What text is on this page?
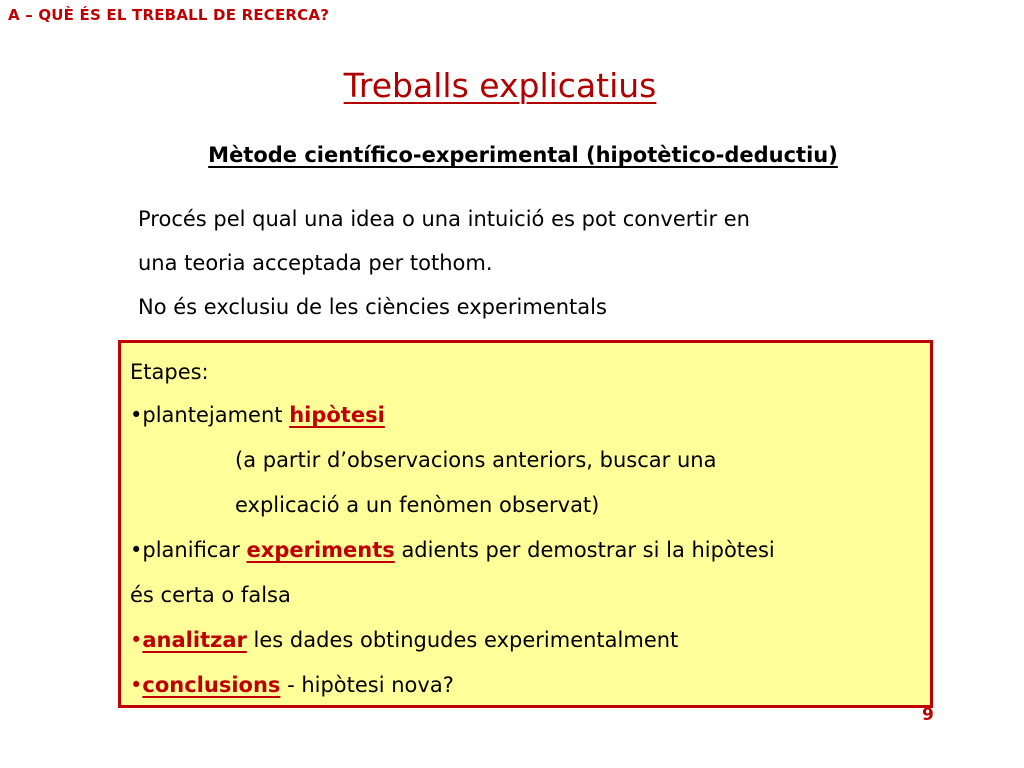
A – QUÈ ÉS EL TREBALL DE RECERCA?
Treballs explicatius
Mètode científico-experimental (hipotètico-deductiu)
Procés pel qual una idea o una intuició es pot convertir en
una teoria acceptada per tothom.
No és exclusiu de les ciències experimentals
Etapes:
•plantejament hipòtesi
(a partir d’observacions anteriors, buscar una
explicació a un fenòmen observat)
•planificar experiments adients per demostrar si la hipòtesi
és certa o falsa
•analitzar les dades obtingudes experimentalment
•conclusions - hipòtesi nova?
9
